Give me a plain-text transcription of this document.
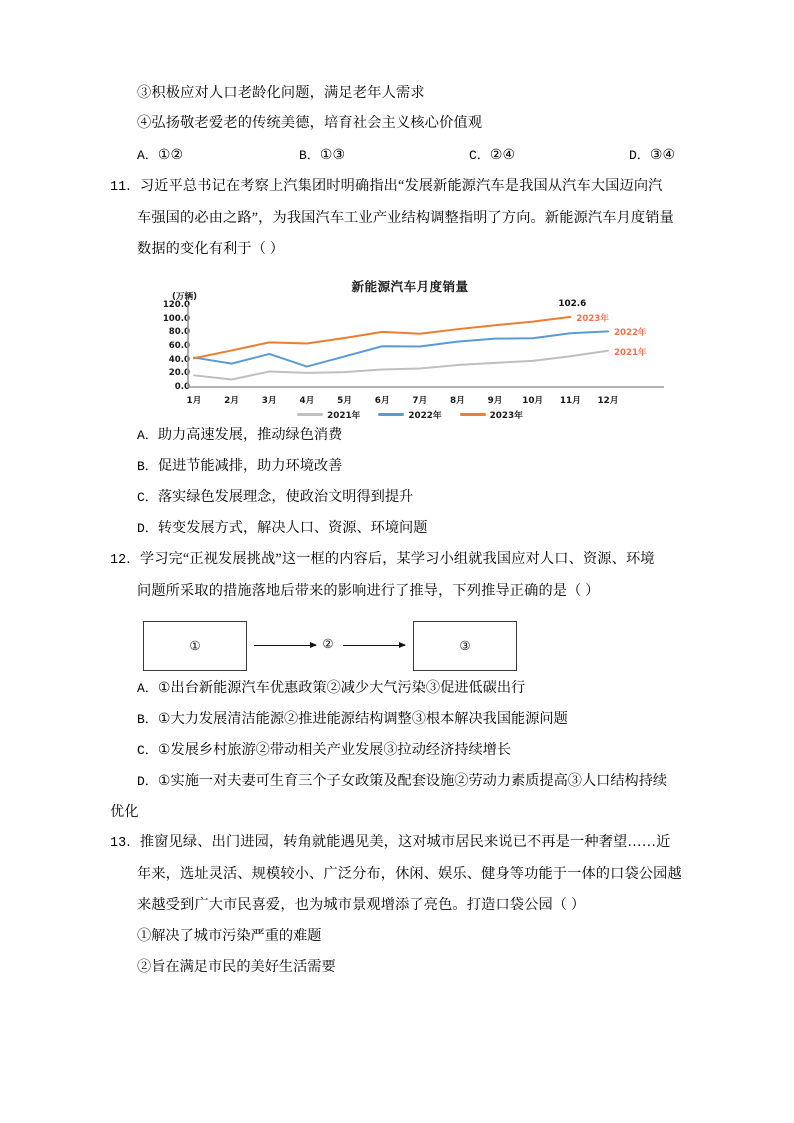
③积极应对人口老龄化问题，满足老年人需求
④弘扬敬老爱老的传统美德，培育社会主义核心价值观
A．①②	B．①③	C．②④	D．③④
11．习近平总书记在考察上汽集团时明确指出“发展新能源汽车是我国从汽车大国迈向汽
车强国的必由之路”，为我国汽车工业产业结构调整指明了方向。新能源汽车月度销量
数据的变化有利于（ ）
新能源汽车月度销量
(万辆)
120.0
100.0
80.0
60.0
40.0
20.0
0.0
1月	2月	3月	4月	5月	6月	7月	8月	9月 10月 11月 12月
2021年	2022年	2023年
2021年
2022年
2023年
102.6
A．助力高速发展，推动绿色消费
B．促进节能减排，助力环境改善
C．落实绿色发展理念，使政治文明得到提升
D．转变发展方式，解决人口、资源、环境问题
12．学习完“正视发展挑战”这一框的内容后，某学习小组就我国应对人口、资源、环境
问题所采取的措施落地后带来的影响进行了推导，下列推导正确的是（ ）
①	②	③
A．①出台新能源汽车优惠政策②减少大气污染③促进低碳出行
B．①大力发展清洁能源②推进能源结构调整③根本解决我国能源问题
C．①发展乡村旅游②带动相关产业发展③拉动经济持续增长
D．①实施一对夫妻可生育三个子女政策及配套设施②劳动力素质提高③人口结构持续
优化
13．推窗见绿、出门进园，转角就能遇见美，这对城市居民来说已不再是一种奢望……近
年来，选址灵活、规模较小、广泛分布，休闲、娱乐、健身等功能于一体的口袋公园越
来越受到广大市民喜爱，也为城市景观增添了亮色。打造口袋公园（ ）
①解决了城市污染严重的难题
②旨在满足市民的美好生活需要
